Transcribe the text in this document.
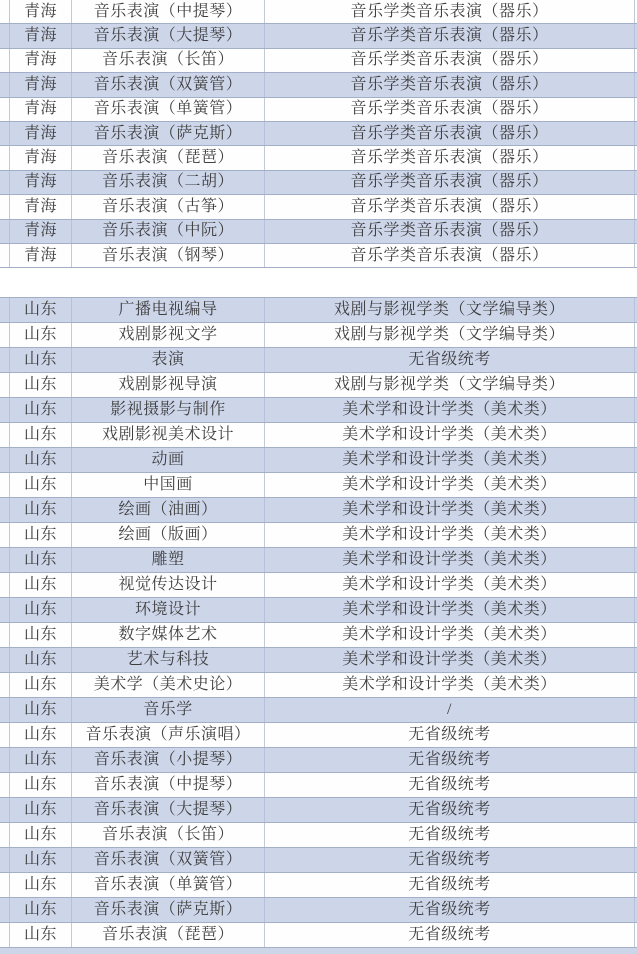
青海	音乐表演（中提琴）	音乐学类音乐表演（器乐）
青海	音乐表演（大提琴）	音乐学类音乐表演（器乐）
青海	音乐表演（长笛）	音乐学类音乐表演（器乐）
青海	音乐表演（双簧管）	音乐学类音乐表演（器乐）
青海	音乐表演（单簧管）	音乐学类音乐表演（器乐）
青海	音乐表演（萨克斯）	音乐学类音乐表演（器乐）
青海	音乐表演（琵琶）	音乐学类音乐表演（器乐）
青海	音乐表演（二胡）	音乐学类音乐表演（器乐）
青海	音乐表演（古筝）	音乐学类音乐表演（器乐）
青海	音乐表演（中阮）	音乐学类音乐表演（器乐）
青海	音乐表演（钢琴）	音乐学类音乐表演（器乐）
山东	广播电视编导	戏剧与影视学类（文学编导类）
山东	戏剧影视文学	戏剧与影视学类（文学编导类）
山东	表演	无省级统考
山东	戏剧影视导演	戏剧与影视学类（文学编导类）
山东	影视摄影与制作	美术学和设计学类（美术类）
山东	戏剧影视美术设计	美术学和设计学类（美术类）
山东	动画	美术学和设计学类（美术类）
山东	中国画	美术学和设计学类（美术类）
山东	绘画（油画）	美术学和设计学类（美术类）
山东	绘画（版画）	美术学和设计学类（美术类）
山东	雕塑	美术学和设计学类（美术类）
山东	视觉传达设计	美术学和设计学类（美术类）
山东	环境设计	美术学和设计学类（美术类）
山东	数字媒体艺术	美术学和设计学类（美术类）
山东	艺术与科技	美术学和设计学类（美术类）
山东	美术学（美术史论）	美术学和设计学类（美术类）
山东	音乐学	/
山东	音乐表演（声乐演唱）	无省级统考
山东	音乐表演（小提琴）	无省级统考
山东	音乐表演（中提琴）	无省级统考
山东	音乐表演（大提琴）	无省级统考
山东	音乐表演（长笛）	无省级统考
山东	音乐表演（双簧管）	无省级统考
山东	音乐表演（单簧管）	无省级统考
山东	音乐表演（萨克斯）	无省级统考
山东	音乐表演（琵琶）	无省级统考
